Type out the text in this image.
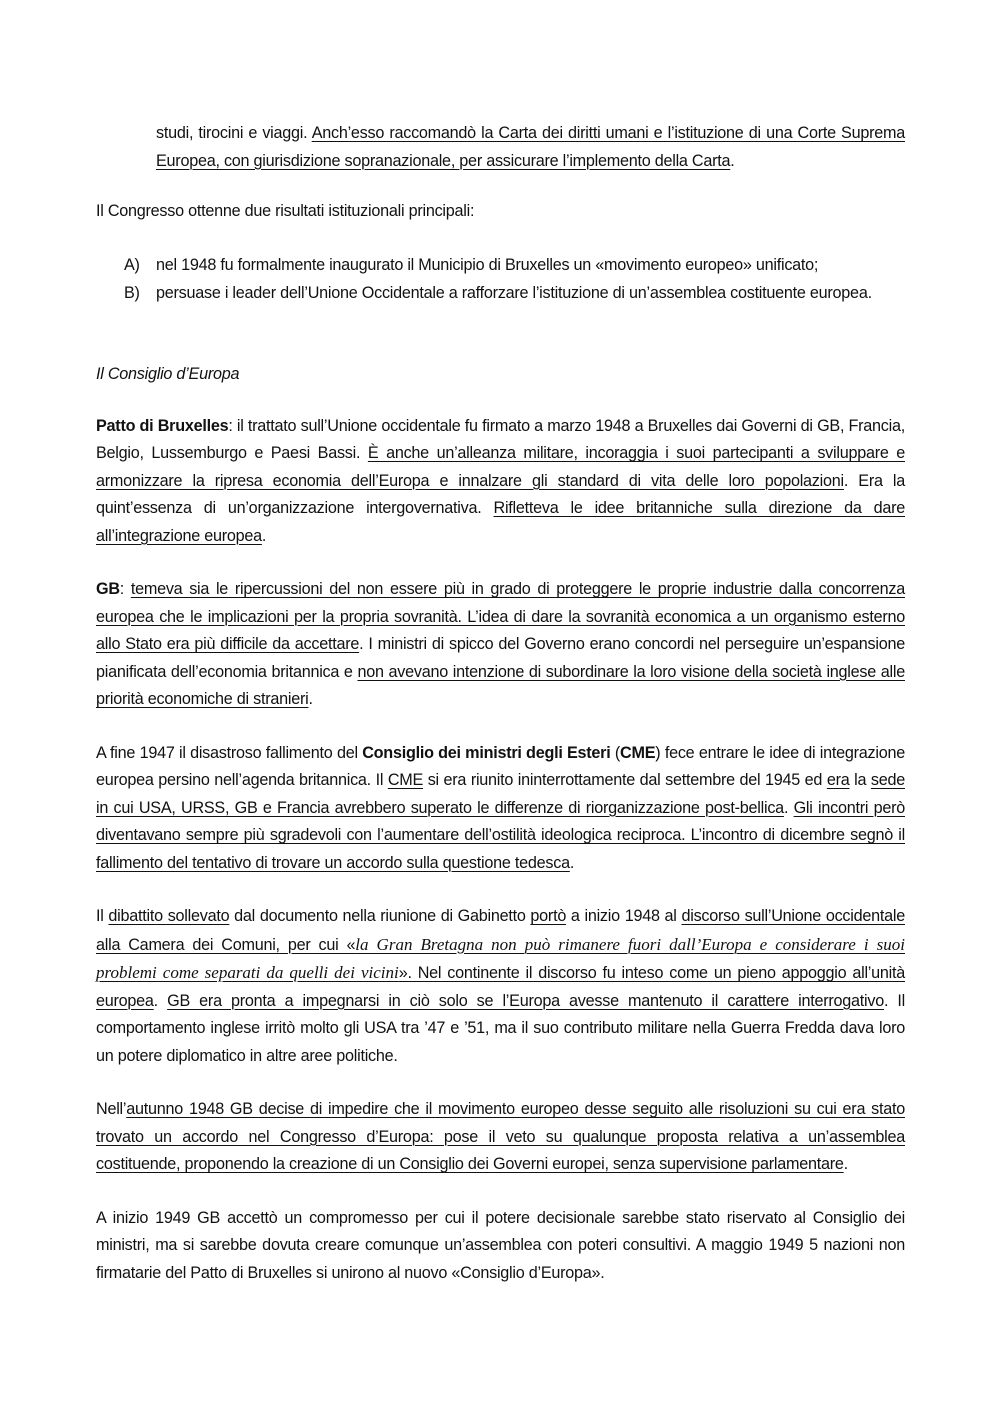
studi, tirocini e viaggi. Anch’esso raccomandò la Carta dei diritti umani e l’istituzione di una Corte Suprema Europea, con giurisdizione sopranazionale, per assicurare l’implemento della Carta.

Il Congresso ottenne due risultati istituzionali principali:

A) nel 1948 fu formalmente inaugurato il Municipio di Bruxelles un «movimento europeo» unificato;
B) persuase i leader dell’Unione Occidentale a rafforzare l’istituzione di un’assemblea costituente europea.

Il Consiglio d’Europa

Patto di Bruxelles: il trattato sull’Unione occidentale fu firmato a marzo 1948 a Bruxelles dai Governi di GB, Francia, Belgio, Lussemburgo e Paesi Bassi. È anche un’alleanza militare, incoraggia i suoi partecipanti a sviluppare e armonizzare la ripresa economia dell’Europa e innalzare gli standard di vita delle loro popolazioni. Era la quint’essenza di un’organizzazione intergovernativa. Rifletteva le idee britanniche sulla direzione da dare all’integrazione europea.

GB: temeva sia le ripercussioni del non essere più in grado di proteggere le proprie industrie dalla concorrenza europea che le implicazioni per la propria sovranità. L’idea di dare la sovranità economica a un organismo esterno allo Stato era più difficile da accettare. I ministri di spicco del Governo erano concordi nel perseguire un’espansione pianificata dell’economia britannica e non avevano intenzione di subordinare la loro visione della società inglese alle priorità economiche di stranieri.

A fine 1947 il disastroso fallimento del Consiglio dei ministri degli Esteri (CME) fece entrare le idee di integrazione europea persino nell’agenda britannica. Il CME si era riunito ininterrottamente dal settembre del 1945 ed era la sede in cui USA, URSS, GB e Francia avrebbero superato le differenze di riorganizzazione post-bellica. Gli incontri però diventavano sempre più sgradevoli con l’aumentare dell’ostilità ideologica reciproca. L’incontro di dicembre segnò il fallimento del tentativo di trovare un accordo sulla questione tedesca.

Il dibattito sollevato dal documento nella riunione di Gabinetto portò a inizio 1948 al discorso sull’Unione occidentale alla Camera dei Comuni, per cui «la Gran Bretagna non può rimanere fuori dall’Europa e considerare i suoi problemi come separati da quelli dei vicini». Nel continente il discorso fu inteso come un pieno appoggio all’unità europea. GB era pronta a impegnarsi in ciò solo se l’Europa avesse mantenuto il carattere interrogativo. Il comportamento inglese irritò molto gli USA tra ’47 e ’51, ma il suo contributo militare nella Guerra Fredda dava loro un potere diplomatico in altre aree politiche.

Nell’autunno 1948 GB decise di impedire che il movimento europeo desse seguito alle risoluzioni su cui era stato trovato un accordo nel Congresso d’Europa: pose il veto su qualunque proposta relativa a un’assemblea costituende, proponendo la creazione di un Consiglio dei Governi europei, senza supervisione parlamentare.

A inizio 1949 GB accettò un compromesso per cui il potere decisionale sarebbe stato riservato al Consiglio dei ministri, ma si sarebbe dovuta creare comunque un’assemblea con poteri consultivi. A maggio 1949 5 nazioni non firmatarie del Patto di Bruxelles si unirono al nuovo «Consiglio d’Europa».
